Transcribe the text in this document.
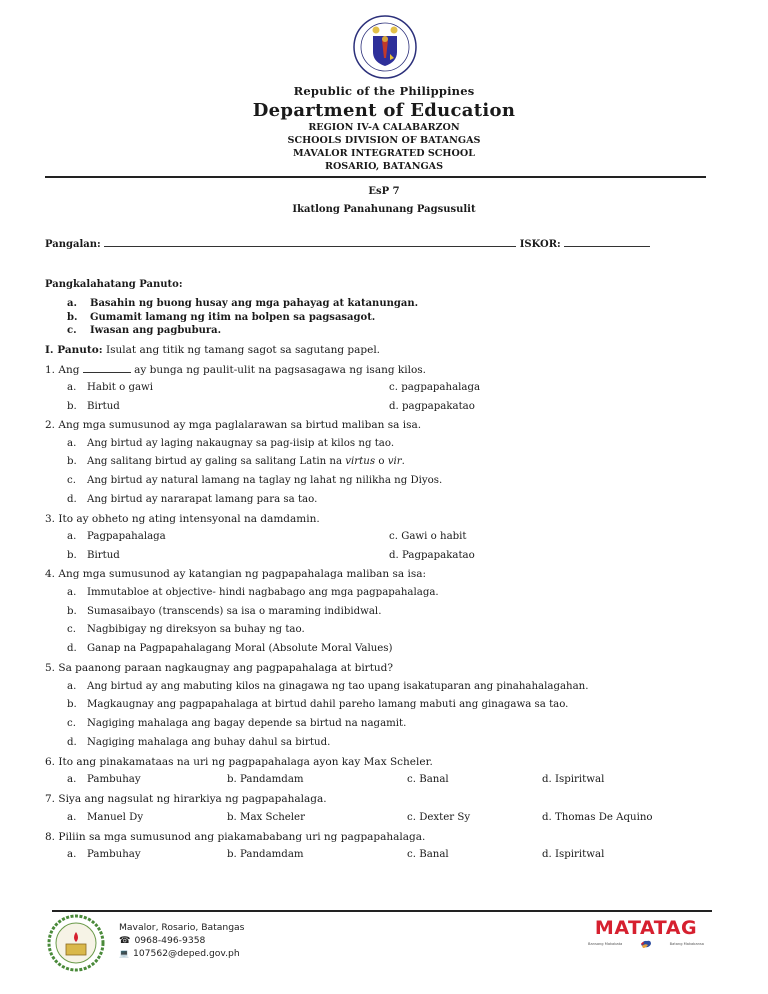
Republic of the Philippines
Department of Education
REGION IV-A CALABARZON
SCHOOLS DIVISION OF BATANGAS
MAVALOR INTEGRATED SCHOOL
ROSARIO, BATANGAS
EsP 7
Ikatlong Panahunang Pagsusulit
Pangalan:	ISKOR:
Pangkalahatang Panuto:
a.	Basahin ng buong husay ang mga pahayag at katanungan.
b.	Gumamit lamang ng itim na bolpen sa pagsasagot.
c.	Iwasan ang pagbubura.
I. Panuto: Isulat ang titik ng tamang sagot sa sagutang papel.
1. Ang	ay bunga ng paulit-ulit na pagsasagawa ng isang kilos.
a. Habit o gawi	c. pagpapahalaga
b. Birtud	d. pagpapakatao
2. Ang mga sumusunod ay mga paglalarawan sa birtud maliban sa isa.
a. Ang birtud ay laging nakaugnay sa pag-iisip at kilos ng tao.
b. Ang salitang birtud ay galing sa salitang Latin na virtus o vir.
c. Ang birtud ay natural lamang na taglay ng lahat ng nilikha ng Diyos.
d. Ang birtud ay nararapat lamang para sa tao.
3. Ito ay obheto ng ating intensyonal na damdamin.
a. Pagpapahalaga	c. Gawi o habit
b. Birtud	d. Pagpapakatao
4. Ang mga sumusunod ay katangian ng pagpapahalaga maliban sa isa:
a. Immutabloe at objective- hindi nagbabago ang mga pagpapahalaga.
b. Sumasaibayo (transcends) sa isa o maraming indibidwal.
c. Nagbibigay ng direksyon sa buhay ng tao.
d. Ganap na Pagpapahalagang Moral (Absolute Moral Values)
5. Sa paanong paraan nagkaugnay ang pagpapahalaga at birtud?
a. Ang birtud ay ang mabuting kilos na ginagawa ng tao upang isakatuparan ang pinahahalagahan.
b. Magkaugnay ang pagpapahalaga at birtud dahil pareho lamang mabuti ang ginagawa sa tao.
c. Nagiging mahalaga ang bagay depende sa birtud na nagamit.
d. Nagiging mahalaga ang buhay dahul sa birtud.
6. Ito ang pinakamataas na uri ng pagpapahalaga ayon kay Max Scheler.
a. Pambuhay	b. Pandamdam	c. Banal	d. Ispiritwal
7. Siya ang nagsulat ng hirarkiya ng pagpapahalaga.
a. Manuel Dy	b. Max Scheler	c. Dexter Sy	d. Thomas De Aquino
8. Piliin sa mga sumusunod ang piakamababang uri ng pagpapahalaga.
a. Pambuhay	b. Pandamdam	c. Banal	d. Ispiritwal
Mavalor, Rosario, Batangas
☎ 0968-496-9358
💻 107562@deped.gov.ph
MATATAG
Bansang Makabata	Batang Makabansa
